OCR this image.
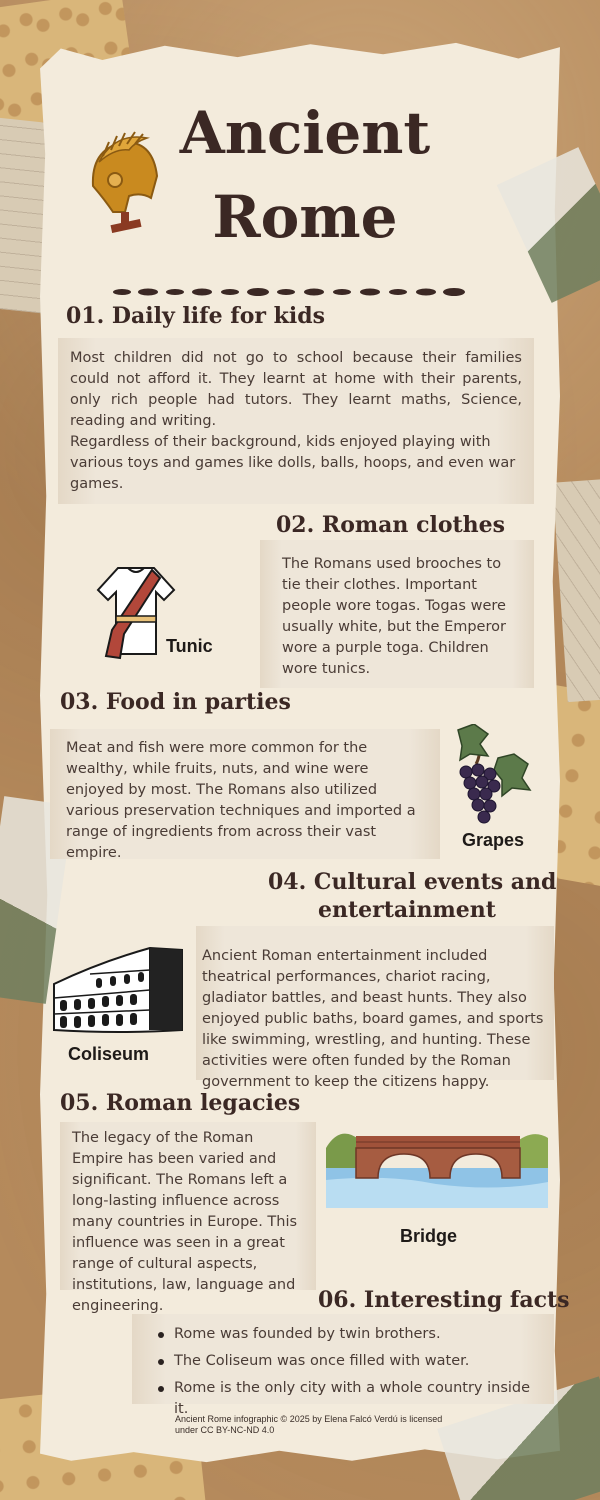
Ancient
Rome
01. Daily life for kids

Most children did not go to school because their families could not afford it. They learnt at home with their parents, only rich people had tutors. They learnt maths, Science, reading and writing.

Regardless of their background, kids enjoyed playing with various toys and games like dolls, balls, hoops, and even war games.

02. Roman clothes
Tunic

The Romans used brooches to tie their clothes. Important people wore togas. Togas were usually white, but the Emperor wore a purple toga. Children wore tunics.

03. Food in parties

Meat and fish were more common for the wealthy, while fruits, nuts, and wine were enjoyed by most. The Romans also utilized various preservation techniques and imported a range of ingredients from across their vast empire.

Grapes
04. Cultural events and
entertainment
Coliseum

Ancient Roman entertainment included theatrical performances, chariot racing, gladiator battles, and beast hunts. They also enjoyed public baths, board games, and sports like swimming, wrestling, and hunting. These activities were often funded by the Roman government to keep the citizens happy.

05. Roman legacies

The legacy of the Roman Empire has been varied and significant. The Romans left a long-lasting influence across many countries in Europe. This influence was seen in a great range of cultural aspects, institutions, law, language and engineering.

Bridge
06. Interesting facts
Rome was founded by twin brothers.
The Coliseum was once filled with water.
Rome is the only city with a whole country inside it.
Ancient Rome infographic © 2025 by Elena Falcó Verdú is licensed
under CC BY-NC-ND 4.0
